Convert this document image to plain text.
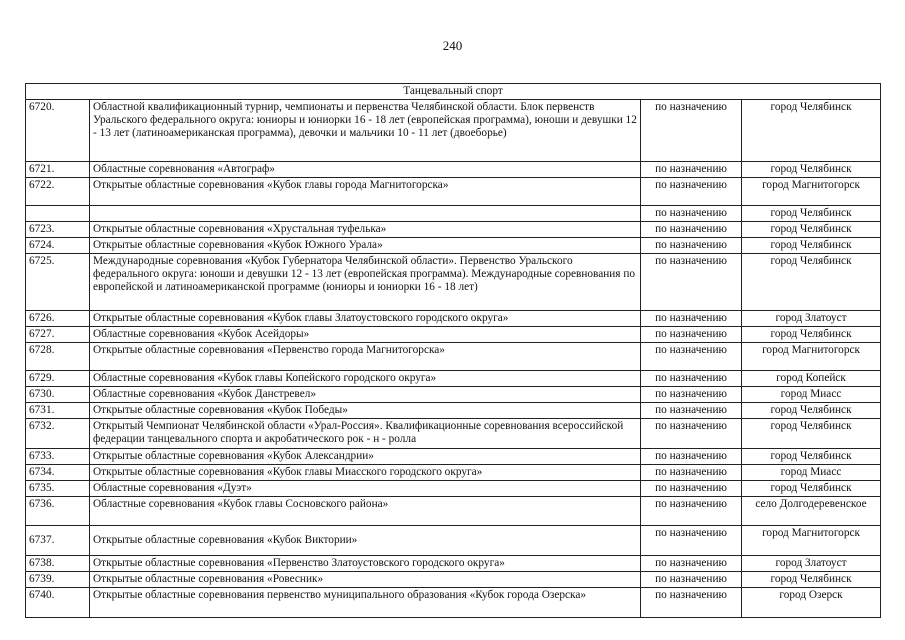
240
Танцевальный спорт			
6720.	Областной квалификационный турнир, чемпионаты и первенства Челябинской области. Блок первенств Уральского федерального округа: юниоры и юниорки 16 - 18 лет (европейская программа), юноши и девушки 12 - 13 лет (латиноамериканская программа), девочки и мальчики 10 - 11 лет (двоеборье)	по назначению	город Челябинск
6721.	Областные соревнования «Автограф»	по назначению	город Челябинск
6722.	Открытые областные соревнования «Кубок главы города Магнитогорска»	по назначению	город Магнитогорск
		по назначению	город Челябинск
6723.	Открытые областные соревнования «Хрустальная туфелька»	по назначению	город Челябинск
6724.	Открытые областные соревнования «Кубок Южного Урала»	по назначению	город Челябинск
6725.	Международные соревнования «Кубок Губернатора Челябинской области». Первенство Уральского федерального округа: юноши и девушки 12 - 13 лет (европейская программа). Международные соревнования по европейской и латиноамериканской программе (юниоры и юниорки 16 - 18 лет)	по назначению	город Челябинск
6726.	Открытые областные соревнования «Кубок главы Златоустовского городского округа»	по назначению	город Златоуст
6727.	Областные соревнования «Кубок Асейдоры»	по назначению	город Челябинск
6728.	Открытые областные соревнования «Первенство города Магнитогорска»	по назначению	город Магнитогорск
6729.	Областные соревнования «Кубок главы Копейского городского округа»	по назначению	город Копейск
6730.	Областные соревнования «Кубок Данстревел»	по назначению	город Миасс
6731.	Открытые областные соревнования «Кубок Победы»	по назначению	город Челябинск
6732.	Открытый Чемпионат Челябинской области «Урал-Россия». Квалификационные соревнования всероссийской федерации танцевального спорта и акробатического рок - н - ролла	по назначению	город Челябинск
6733.	Открытые областные соревнования «Кубок Александрии»	по назначению	город Челябинск
6734.	Открытые областные соревнования «Кубок главы Миасского городского округа»	по назначению	город Миасс
6735.	Областные соревнования «Дуэт»	по назначению	город Челябинск
6736.	Областные соревнования «Кубок главы Сосновского района»	по назначению	село Долгодеревенское
6737.	Открытые областные соревнования «Кубок Виктории»	по назначению	город Магнитогорск
6738.	Открытые областные соревнования «Первенство Златоустовского городского округа»	по назначению	город Златоуст
6739.	Открытые областные соревнования «Ровесник»	по назначению	город Челябинск
6740.	Открытые областные соревнования первенство муниципального образования «Кубок города Озерска»	по назначению	город Озерск
